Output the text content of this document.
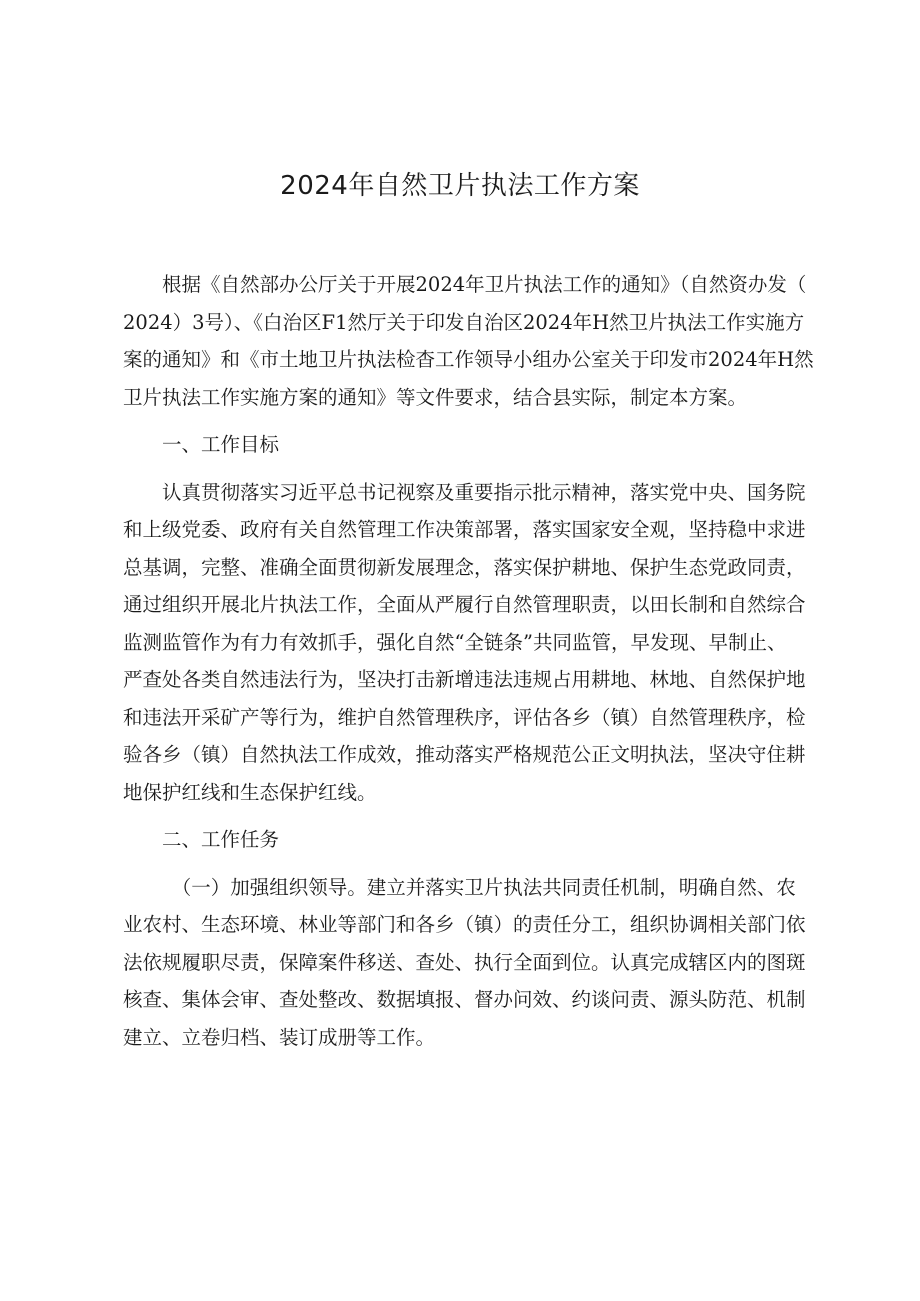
2024年自然卫片执法工作方案

根据《自然部办公厅关于开展2024年卫片执法工作的通知》（自然资办发（
2024）3号）、《白治区F1然厅关于印发自治区2024年H然卫片执法工作实施方
案的通知》和《市土地卫片执法检杳工作领导小组办公室关于印发市2024年H然
卫片执法工作实施方案的通知》等文件要求，结合县实际，制定本方案。

一、工作目标

认真贯彻落实习近平总书记视察及重要指示批示精神，落实党中央、国务院
和上级党委、政府有关自然管理工作决策部署，落实国家安全观，坚持稳中求进
总基调，完整、准确全面贯彻新发展理念，落实保护耕地、保护生态党政同责，
通过组织开展北片执法工作，全面从严履行自然管理职责，以田长制和自然综合
监测监管作为有力有效抓手，强化自然“全链条”共同监管，早发现、早制止、
严查处各类自然违法行为，坚决打击新增违法违规占用耕地、林地、自然保护地
和违法开采矿产等行为，维护自然管理秩序，评估各乡（镇）自然管理秩序，检
验各乡（镇）自然执法工作成效，推动落实严格规范公正文明执法，坚决守住耕
地保护红线和生态保护红线。

二、工作任务

（一）加强组织领导。建立并落实卫片执法共同责任机制，明确自然、农
业农村、生态环境、林业等部门和各乡（镇）的责任分工，组织协调相关部门依
法依规履职尽责，保障案件移送、查处、执行全面到位。认真完成辖区内的图斑
核查、集体会审、查处整改、数据填报、督办问效、约谈问责、源头防范、机制
建立、立卷归档、装订成册等工作。
